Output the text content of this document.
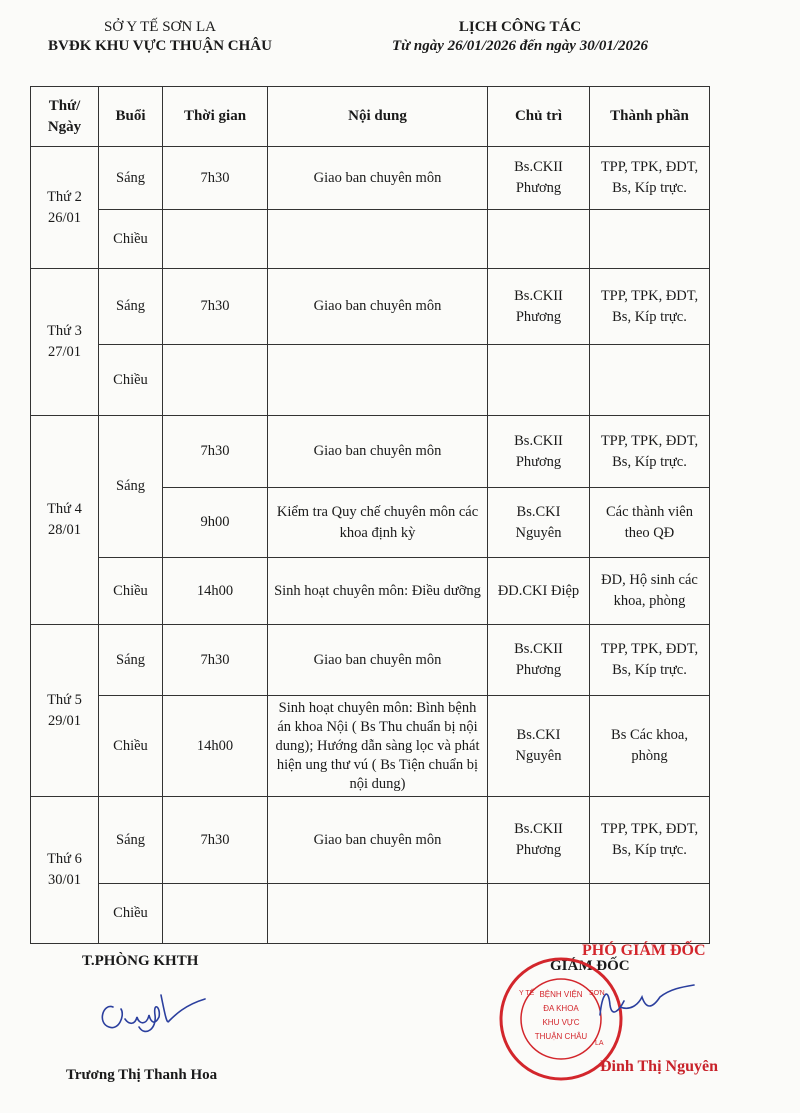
SỞ Y TẾ SƠN LA
BVĐK KHU VỰC THUẬN CHÂU
LỊCH CÔNG TÁC
Từ ngày 26/01/2026 đến ngày 30/01/2026
Thứ/ Ngày	Buổi	Thời gian	Nội dung	Chủ trì	Thành phần
Thứ 2 26/01	Sáng	7h30	Giao ban chuyên môn	Bs.CKII Phương	TPP, TPK, ĐDT, Bs, Kíp trực.
	Chiều				
Thứ 3 27/01	Sáng	7h30	Giao ban chuyên môn	Bs.CKII Phương	TPP, TPK, ĐDT, Bs, Kíp trực.
	Chiều				
Thứ 4 28/01	Sáng	7h30	Giao ban chuyên môn	Bs.CKII Phương	TPP, TPK, ĐDT, Bs, Kíp trực.
		9h00	Kiểm tra Quy chế chuyên môn các khoa định kỳ	Bs.CKI Nguyên	Các thành viên theo QĐ
	Chiều	14h00	Sinh hoạt chuyên môn: Điều dưỡng	ĐD.CKI Điệp	ĐD, Hộ sinh các khoa, phòng
Thứ 5 29/01	Sáng	7h30	Giao ban chuyên môn	Bs.CKII Phương	TPP, TPK, ĐDT, Bs, Kíp trực.
	Chiều	14h00	Sinh hoạt chuyên môn: Bình bệnh án khoa Nội ( Bs Thu chuẩn bị nội dung); Hướng dẫn sàng lọc và phát hiện ung thư vú ( Bs Tiện chuẩn bị nội dung)	Bs.CKI Nguyên	Bs Các khoa, phòng
Thứ 6 30/01	Sáng	7h30	Giao ban chuyên môn	Bs.CKII Phương	TPP, TPK, ĐDT, Bs, Kíp trực.
	Chiều				
T.PHÒNG KHTH
Trương Thị Thanh Hoa
PHÓ GIÁM ĐỐC
GIÁM ĐỐC
BỆNH VIỆN
ĐA KHOA
KHU VỰC
THUẬN CHÂU
Y TẾ	SƠN
LA
Đinh Thị Nguyên
